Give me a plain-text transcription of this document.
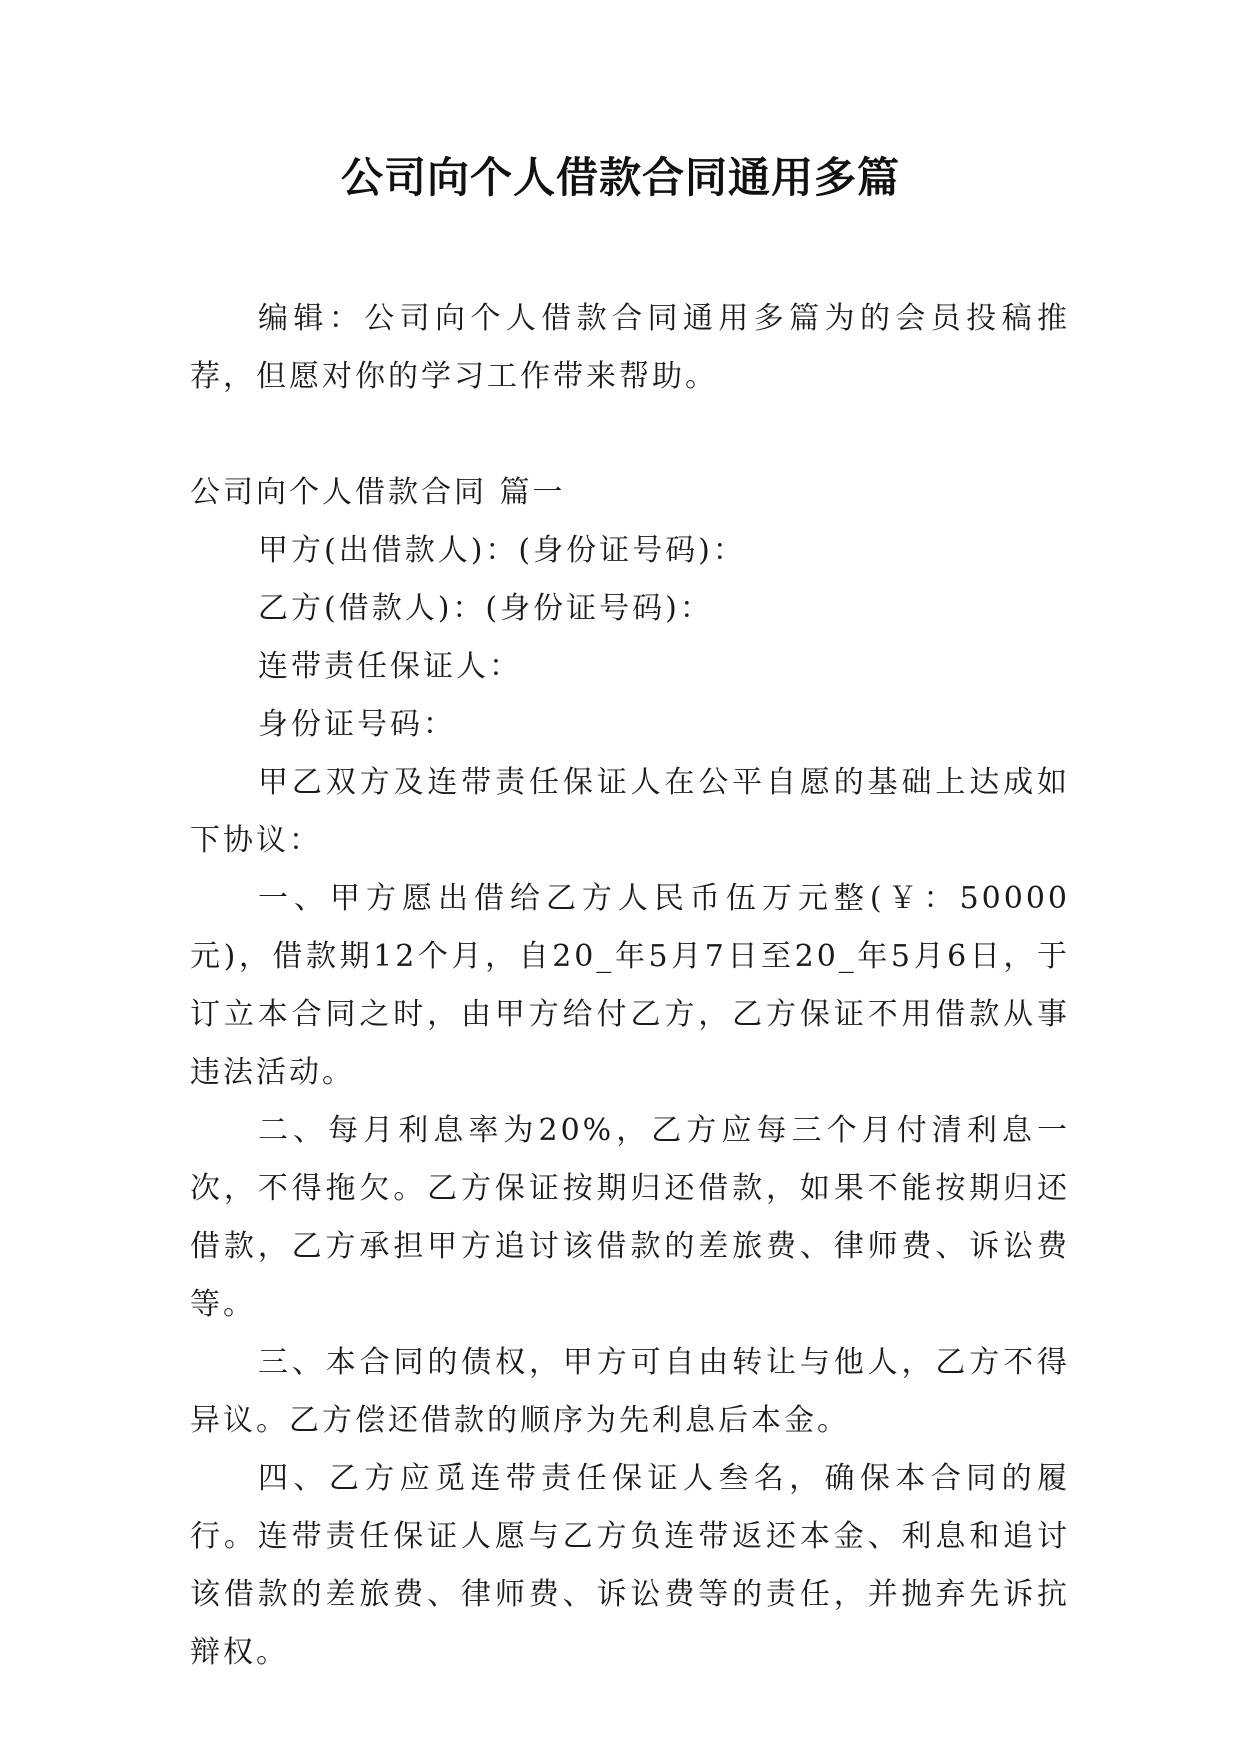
公司向个人借款合同通用多篇

编辑：公司向个人借款合同通用多篇为的会员投稿推荐，但愿对你的学习工作带来帮助。

公司向个人借款合同 篇一

甲方(出借款人)：(身份证号码)：

乙方(借款人)：(身份证号码)：

连带责任保证人：

身份证号码：

甲乙双方及连带责任保证人在公平自愿的基础上达成如下协议：

一、甲方愿出借给乙方人民币伍万元整(￥：50000元)，借款期12个月，自20_年5月7日至20_年5月6日，于订立本合同之时，由甲方给付乙方，乙方保证不用借款从事违法活动。

二、每月利息率为20%，乙方应每三个月付清利息一次，不得拖欠。乙方保证按期归还借款，如果不能按期归还借款，乙方承担甲方追讨该借款的差旅费、律师费、诉讼费等。

三、本合同的债权，甲方可自由转让与他人，乙方不得异议。乙方偿还借款的顺序为先利息后本金。

四、乙方应觅连带责任保证人叁名，确保本合同的履行。连带责任保证人愿与乙方负连带返还本金、利息和追讨该借款的差旅费、律师费、诉讼费等的责任，并抛弃先诉抗辩权。
